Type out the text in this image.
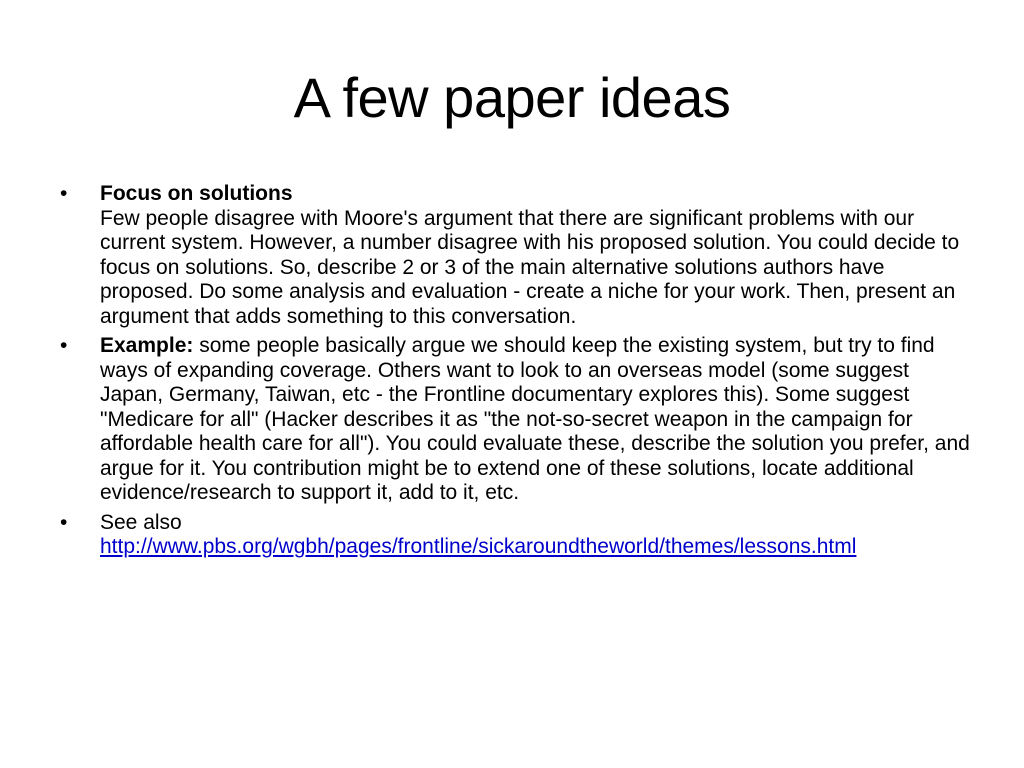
A few paper ideas
• Focus on solutions
Few people disagree with Moore's argument that there are significant problems with our current system. However, a number disagree with his proposed solution. You could decide to focus on solutions. So, describe 2 or 3 of the main alternative solutions authors have proposed. Do some analysis and evaluation - create a niche for your work. Then, present an argument that adds something to this conversation.
• Example: some people basically argue we should keep the existing system, but try to find ways of expanding coverage. Others want to look to an overseas model (some suggest Japan, Germany, Taiwan, etc - the Frontline documentary explores this). Some suggest "Medicare for all" (Hacker describes it as "the not-so-secret weapon in the campaign for affordable health care for all"). You could evaluate these, describe the solution you prefer, and argue for it. You contribution might be to extend one of these solutions, locate additional evidence/research to support it, add to it, etc.
• See also
http://www.pbs.org/wgbh/pages/frontline/sickaroundtheworld/themes/lessons.html
